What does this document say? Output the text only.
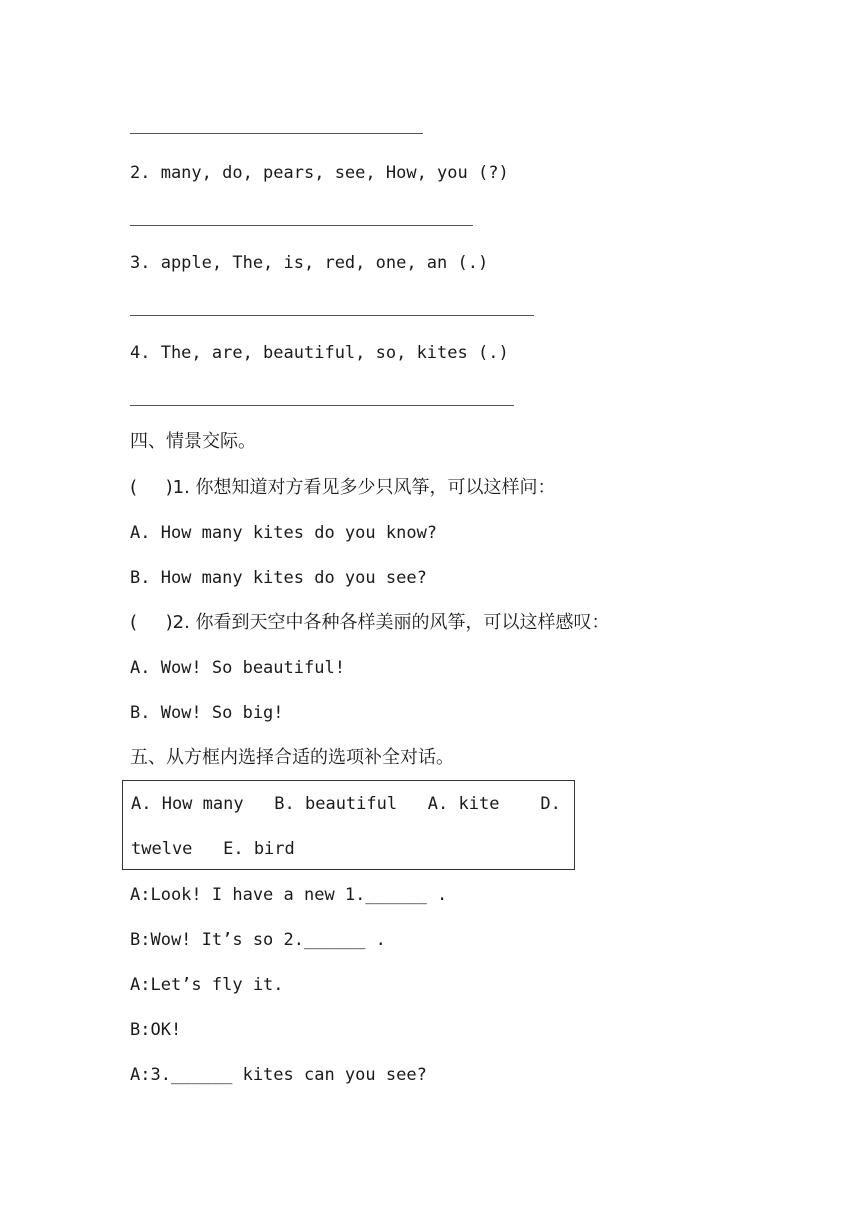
2. many, do, pears, see, How, you (?)
3. apple, The, is, red, one, an (.)
4. The, are, beautiful, so, kites (.)
四、情景交际。
(     )1. 你想知道对方看见多少只风筝，可以这样问：
A. How many kites do you know?
B. How many kites do you see?
(     )2. 你看到天空中各种各样美丽的风筝，可以这样感叹：
A. Wow! So beautiful!
B. Wow! So big!
五、从方框内选择合适的选项补全对话。
A. How many   B. beautiful   A. kite    D.
twelve   E. bird
A:Look! I have a new 1.______ .
B:Wow! It’s so 2.______ .
A:Let’s fly it.
B:OK!
A:3.______ kites can you see?
